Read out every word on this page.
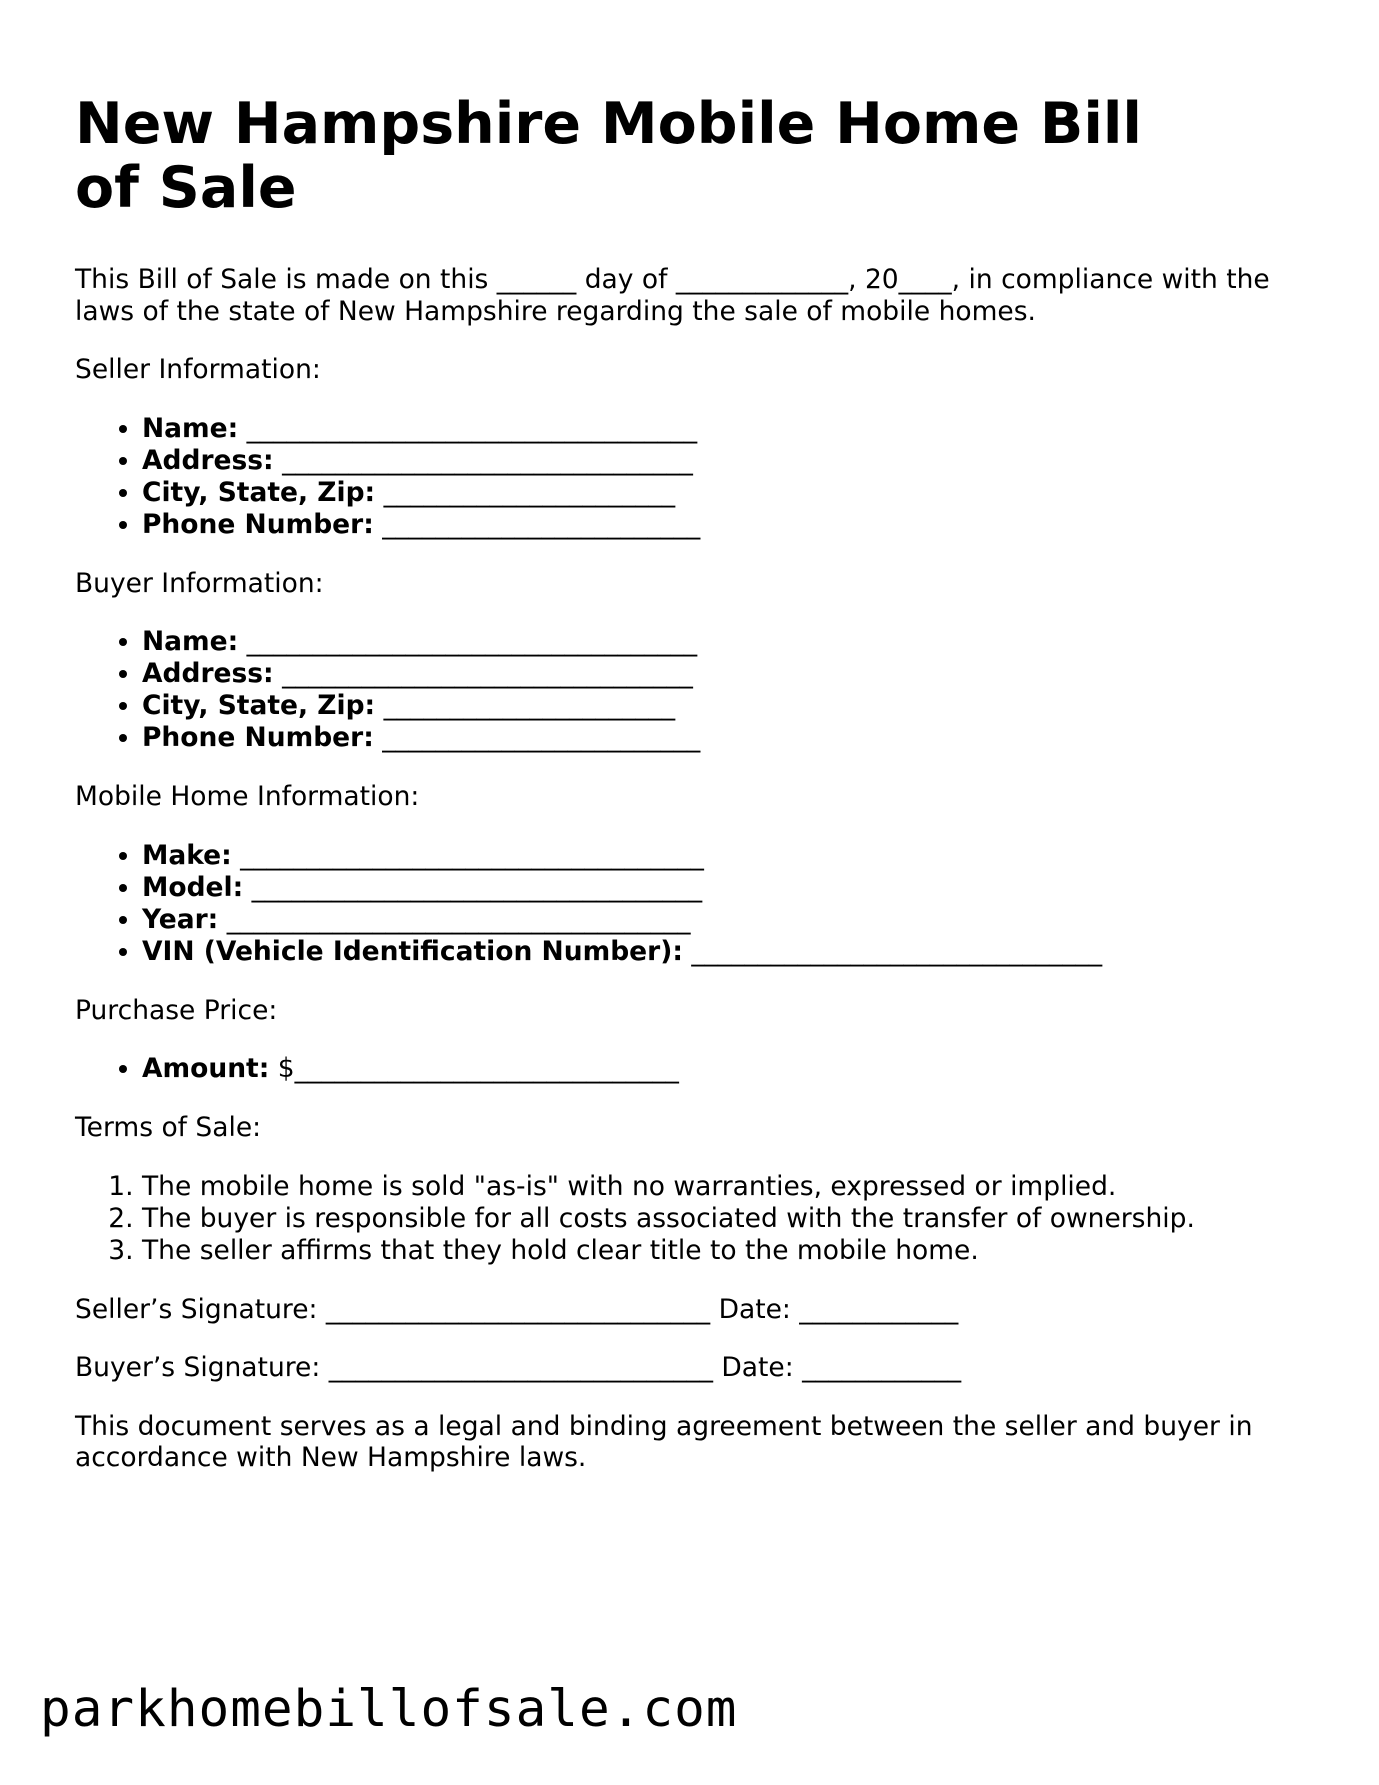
New Hampshire Mobile Home Bill of Sale

This Bill of Sale is made on this ______ day of _____________, 20____, in compliance with the laws of the state of New Hampshire regarding the sale of mobile homes.

Seller Information:

• Name: __________________________________
• Address: _______________________________
• City, State, Zip: ______________________
• Phone Number: ________________________

Buyer Information:

• Name: __________________________________
• Address: _______________________________
• City, State, Zip: ______________________
• Phone Number: ________________________

Mobile Home Information:

• Make: ___________________________________
• Model: __________________________________
• Year: ___________________________________
• VIN (Vehicle Identification Number): _______________________________

Purchase Price:

• Amount: $_____________________________

Terms of Sale:

1. The mobile home is sold "as-is" with no warranties, expressed or implied.
2. The buyer is responsible for all costs associated with the transfer of ownership.
3. The seller affirms that they hold clear title to the mobile home.

Seller’s Signature: _____________________________ Date: ____________

Buyer’s Signature: _____________________________ Date: ____________

This document serves as a legal and binding agreement between the seller and buyer in accordance with New Hampshire laws.

parkhomebillofsale.com
